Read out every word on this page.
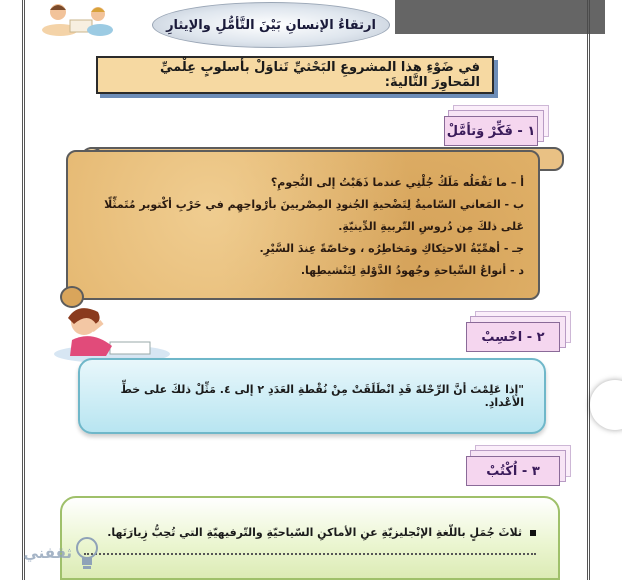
ارتقاءُ الإنسانِ بَيْنَ التَّأمُّلِ والإيثارِ
في ضَوْءِ هذا المشروعِ البَحْثيِّ تَناوَلْ بأسلوبٍ عِلْميِّ المَحاوِرَ التَّاليةَ:
١ - فَكِّرْ وَتأمَّلْ

أ – ما تَفْعَلُه مَلَكُ جُلْنِي عندما ذَهَبْتُ إلى النُّجومِ؟

ب - المَعاني السّاميةُ لِتَضْحيةِ الجُنودِ المِصْريينَ بأرْواحِهِم في حَرْبِ أكْتوبر مُتَمثِّلًا عَلى ذلكَ مِن دُروسِ التّربيةِ الدِّينيّةِ.

جـ - أهمِّيّةُ الاحتِكاكِ ومَخاطِرُه ، وخاصّةً عِندَ السَّيْرِ.

د - أنواعُ السِّياحةِ وجُهودُ الدَّوْلةِ لِتَنْشيطِها.

٢ - احْسِبْ
"إذا عَلِمْتَ أنَّ الرِّحْلةَ قَدِ انْطَلَقَتْ مِنْ نُقْطةِ العَدَدِ ٢ إلى ٤. مَثِّلْ ذلكَ على خطِّ الأعْدادِ.
٣ - اُكْتُبْ
ثلاثَ جُمَلٍ باللّغةِ الإنْجليزيّةِ عنِ الأماكنِ السّياحيّةِ والتّرفيهيّةِ التي تُحِبُّ زِيارَتَها.
ثقفني
